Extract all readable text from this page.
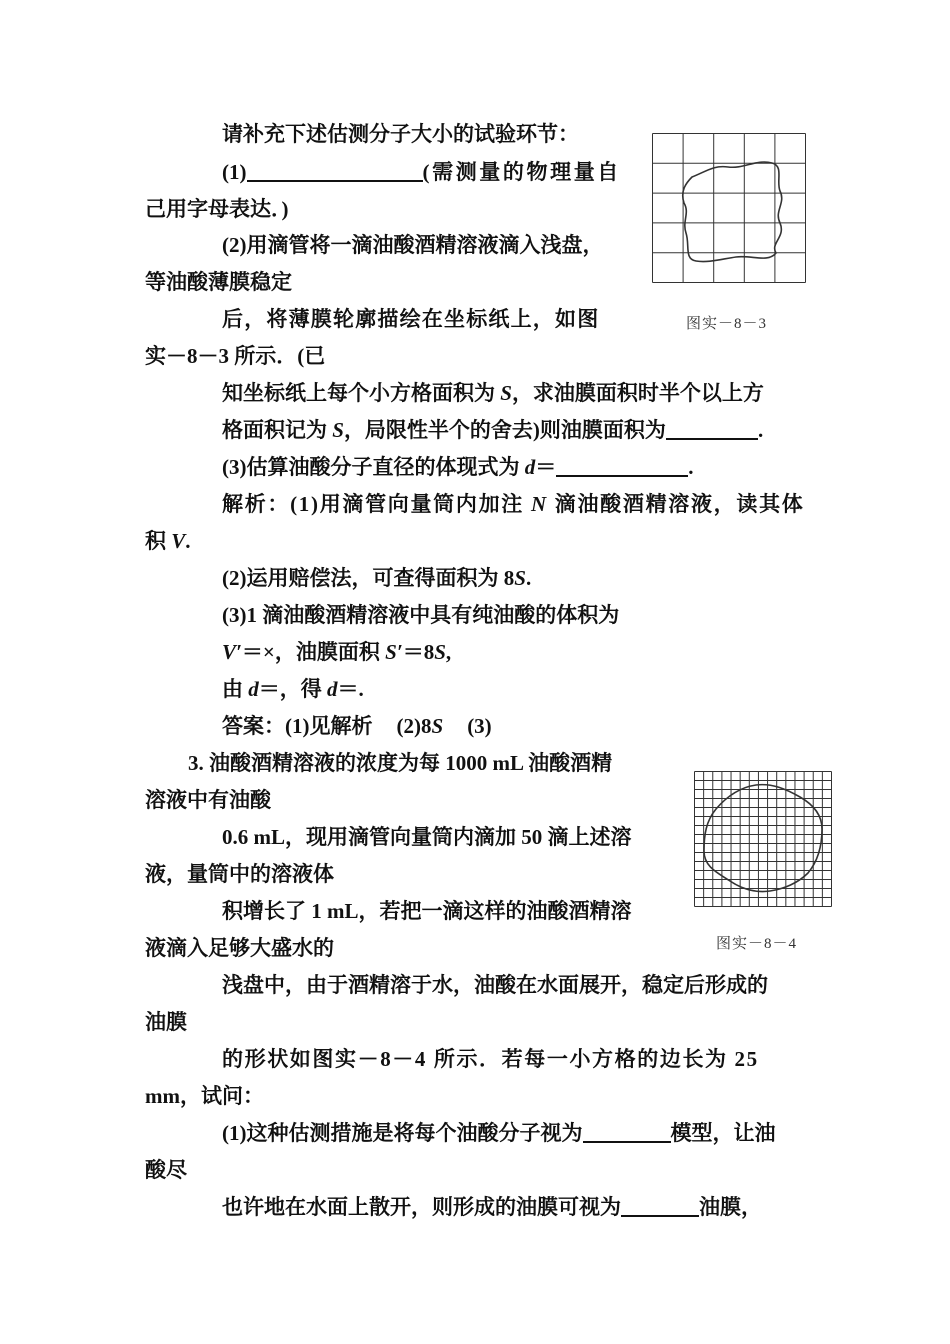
请补充下述估测分子大小的试验环节：
(1)	(需测量的物理量自
己用字母表达．)
(2)用滴管将一滴油酸酒精溶液滴入浅盘，
等油酸薄膜稳定
后，将薄膜轮廓描绘在坐标纸上，如图
实－8－3 所示．(已
知坐标纸上每个小方格面积为 S，求油膜面积时半个以上方
格面积记为 S，局限性半个的舍去)则油膜面积为	.
(3)估算油酸分子直径的体现式为 d＝	.
解析：(1)用滴管向量筒内加注 N 滴油酸酒精溶液，读其体
积 V.
(2)运用赔偿法，可查得面积为 8S.
(3)1 滴油酸酒精溶液中具有纯油酸的体积为
V′＝×，油膜面积 S′＝8S,
由 d＝，得 d＝.
答案：(1)见解析 (2)8S (3)
3. 油酸酒精溶液的浓度为每 1000 mL 油酸酒精
溶液中有油酸
0.6 mL，现用滴管向量筒内滴加 50 滴上述溶
液，量筒中的溶液体
积增长了 1 mL，若把一滴这样的油酸酒精溶
液滴入足够大盛水的
浅盘中，由于酒精溶于水，油酸在水面展开，稳定后形成的
油膜
的形状如图实－8－4 所示．若每一小方格的边长为 25
mm，试问：
(1)这种估测措施是将每个油酸分子视为	模型，让油
酸尽
也许地在水面上散开，则形成的油膜可视为	油膜，
图实－8－3
图实－8－4
